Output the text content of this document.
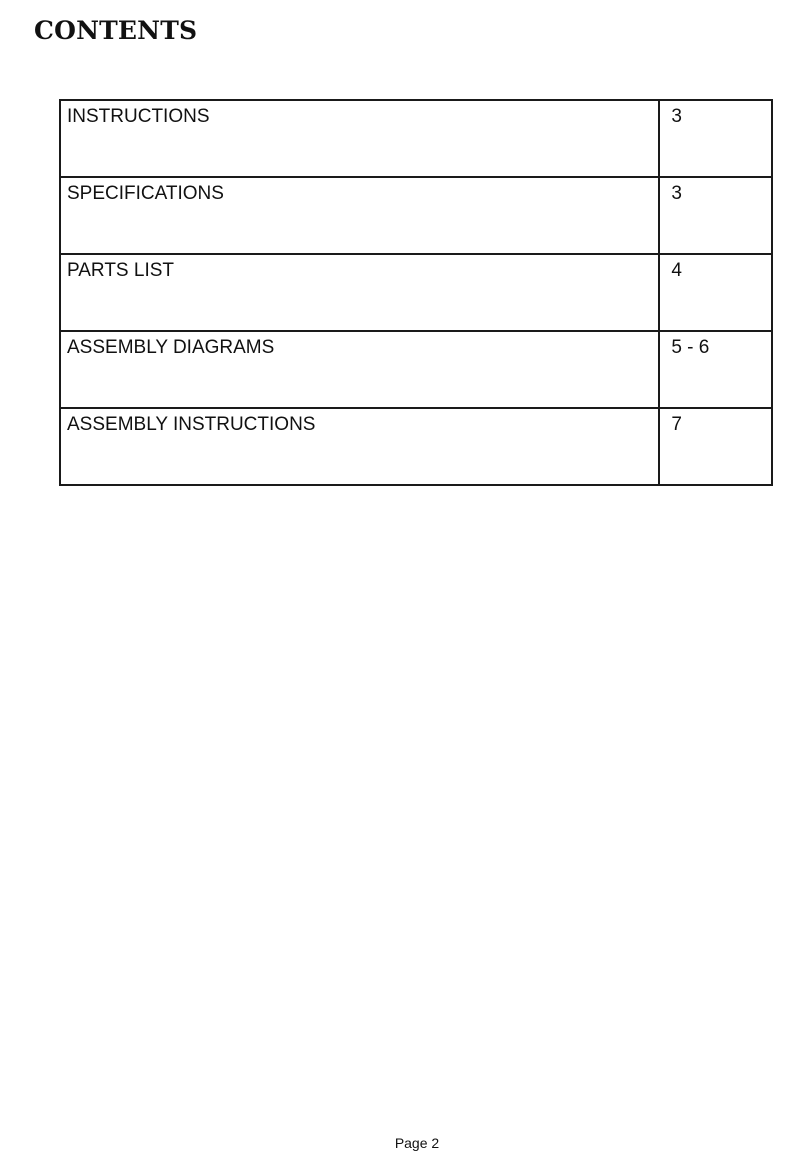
CONTENTS
INSTRUCTIONS	3
SPECIFICATIONS	3
PARTS LIST	4
ASSEMBLY DIAGRAMS	5 - 6
ASSEMBLY INSTRUCTIONS	7
Page 2
